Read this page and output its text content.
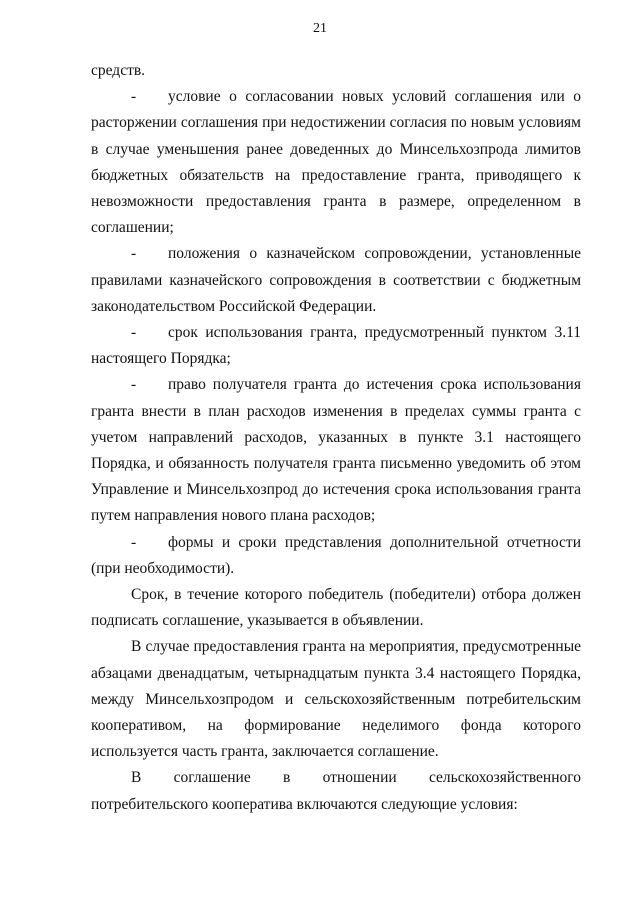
21

средств.

- условие о согласовании новых условий соглашения или о расторжении соглашения при недостижении согласия по новым условиям в случае уменьшения ранее доведенных до Минсельхозпрода лимитов бюджетных обязательств на предоставление гранта, приводящего к невозможности предоставления гранта в размере, определенном в соглашении;

- положения о казначейском сопровождении, установленные правилами казначейского сопровождения в соответствии с бюджетным законодательством Российской Федерации.

- срок использования гранта, предусмотренный пунктом 3.11 настоящего Порядка;

- право получателя гранта до истечения срока использования гранта внести в план расходов изменения в пределах суммы гранта с учетом направлений расходов, указанных в пункте 3.1 настоящего Порядка, и обязанность получателя гранта письменно уведомить об этом Управление и Минсельхозпрод до истечения срока использования гранта путем направления нового плана расходов;

- формы и сроки представления дополнительной отчетности (при необходимости).

Срок, в течение которого победитель (победители) отбора должен подписать соглашение, указывается в объявлении.

В случае предоставления гранта на мероприятия, предусмотренные абзацами двенадцатым, четырнадцатым пункта 3.4 настоящего Порядка, между Минсельхозпродом и сельскохозяйственным потребительским кооперативом, на формирование неделимого фонда которого используется часть гранта, заключается соглашение.

В соглашение в отношении сельскохозяйственного потребительского кооператива включаются следующие условия:
